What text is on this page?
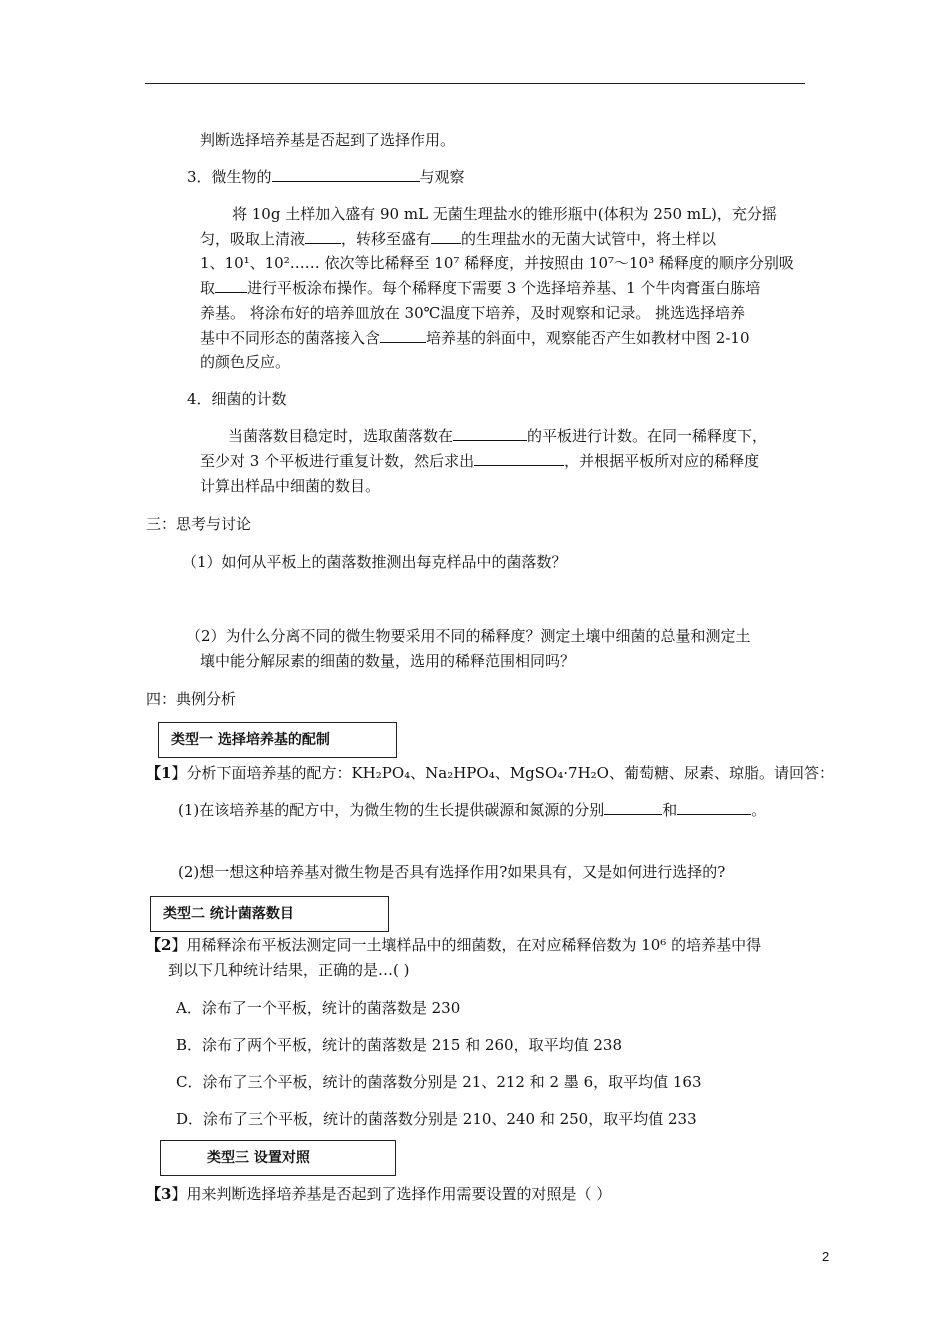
判断选择培养基是否起到了选择作用。
3．微生物的	与观察
将 10g 土样加入盛有 90 mL 无菌生理盐水的锥形瓶中(体积为 250 mL)，充分摇
匀，吸取上清液 ，转移至盛有 的生理盐水的无菌大试管中，将土样以
1、10¹、10²…… 依次等比稀释至 10⁷ 稀释度，并按照由 10⁷～10³ 稀释度的顺序分别吸
取 进行平板涂布操作。每个稀释度下需要 3 个选择培养基、1 个牛肉膏蛋白胨培
养基。 将涂布好的培养皿放在 30℃温度下培养，及时观察和记录。 挑选选择培养
基中不同形态的菌落接入含	培养基的斜面中，观察能否产生如教材中图 2-10
的颜色反应。
4．细菌的计数
当菌落数目稳定时，选取菌落数在	的平板进行计数。在同一稀释度下，
至少对 3 个平板进行重复计数，然后求出	，并根据平板所对应的稀释度
计算出样品中细菌的数目。
三：思考与讨论
（1）如何从平板上的菌落数推测出每克样品中的菌落数？
（2）为什么分离不同的微生物要采用不同的稀释度？测定土壤中细菌的总量和测定土
壤中能分解尿素的细菌的数量，选用的稀释范围相同吗？
四：典例分析
类型一 选择培养基的配制
【1】分析下面培养基的配方：KH₂PO₄、Na₂HPO₄、MgSO₄·7H₂O、葡萄糖、尿素、琼脂。请回答：
(1)在该培养基的配方中，为微生物的生长提供碳源和氮源的分别	和	。
(2)想一想这种培养基对微生物是否具有选择作用?如果具有，又是如何进行选择的?
类型二 统计菌落数目
【2】用稀释涂布平板法测定同一土壤样品中的细菌数，在对应稀释倍数为 10⁶ 的培养基中得
到以下几种统计结果，正确的是…( )
A．涂布了一个平板，统计的菌落数是 230
B．涂布了两个平板，统计的菌落数是 215 和 260，取平均值 238
C．涂布了三个平板，统计的菌落数分别是 21、212 和 2 墨 6，取平均值 163
D．涂布了三个平板，统计的菌落数分别是 210、240 和 250，取平均值 233
类型三 设置对照
【3】用来判断选择培养基是否起到了选择作用需要设置的对照是（ ）
2
